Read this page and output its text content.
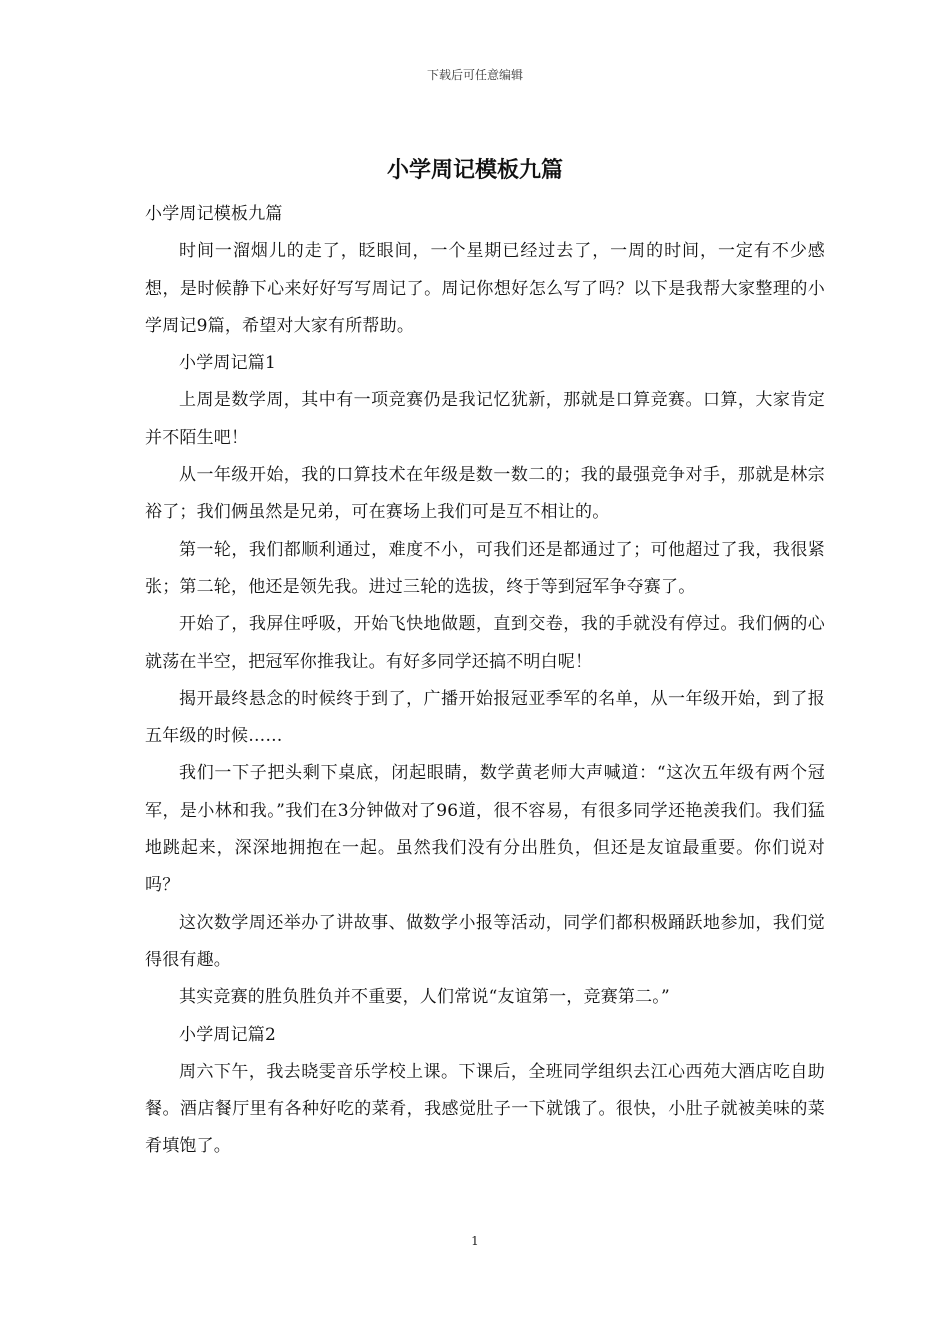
下载后可任意编辑
小学周记模板九篇

小学周记模板九篇

时间一溜烟儿的走了，眨眼间，一个星期已经过去了，一周的时间，一定有不少感想，是时候静下心来好好写写周记了。周记你想好怎么写了吗？以下是我帮大家整理的小学周记9篇，希望对大家有所帮助。

小学周记篇1

上周是数学周，其中有一项竞赛仍是我记忆犹新，那就是口算竞赛。口算，大家肯定并不陌生吧！

从一年级开始，我的口算技术在年级是数一数二的；我的最强竞争对手，那就是林宗裕了；我们俩虽然是兄弟，可在赛场上我们可是互不相让的。

第一轮，我们都顺利通过，难度不小，可我们还是都通过了；可他超过了我，我很紧张；第二轮，他还是领先我。进过三轮的选拔，终于等到冠军争夺赛了。

开始了，我屏住呼吸，开始飞快地做题，直到交卷，我的手就没有停过。我们俩的心就荡在半空，把冠军你推我让。有好多同学还搞不明白呢！

揭开最终悬念的时候终于到了，广播开始报冠亚季军的名单，从一年级开始，到了报五年级的时候……

我们一下子把头剩下桌底，闭起眼睛，数学黄老师大声喊道：“这次五年级有两个冠军，是小林和我。”我们在3分钟做对了96道，很不容易，有很多同学还艳羡我们。我们猛地跳起来，深深地拥抱在一起。虽然我们没有分出胜负，但还是友谊最重要。你们说对吗？

这次数学周还举办了讲故事、做数学小报等活动，同学们都积极踊跃地参加，我们觉得很有趣。

其实竞赛的胜负胜负并不重要，人们常说“友谊第一，竞赛第二。”

小学周记篇2

周六下午，我去晓雯音乐学校上课。下课后，全班同学组织去江心西苑大酒店吃自助餐。酒店餐厅里有各种好吃的菜肴，我感觉肚子一下就饿了。很快，小肚子就被美味的菜肴填饱了。

1
